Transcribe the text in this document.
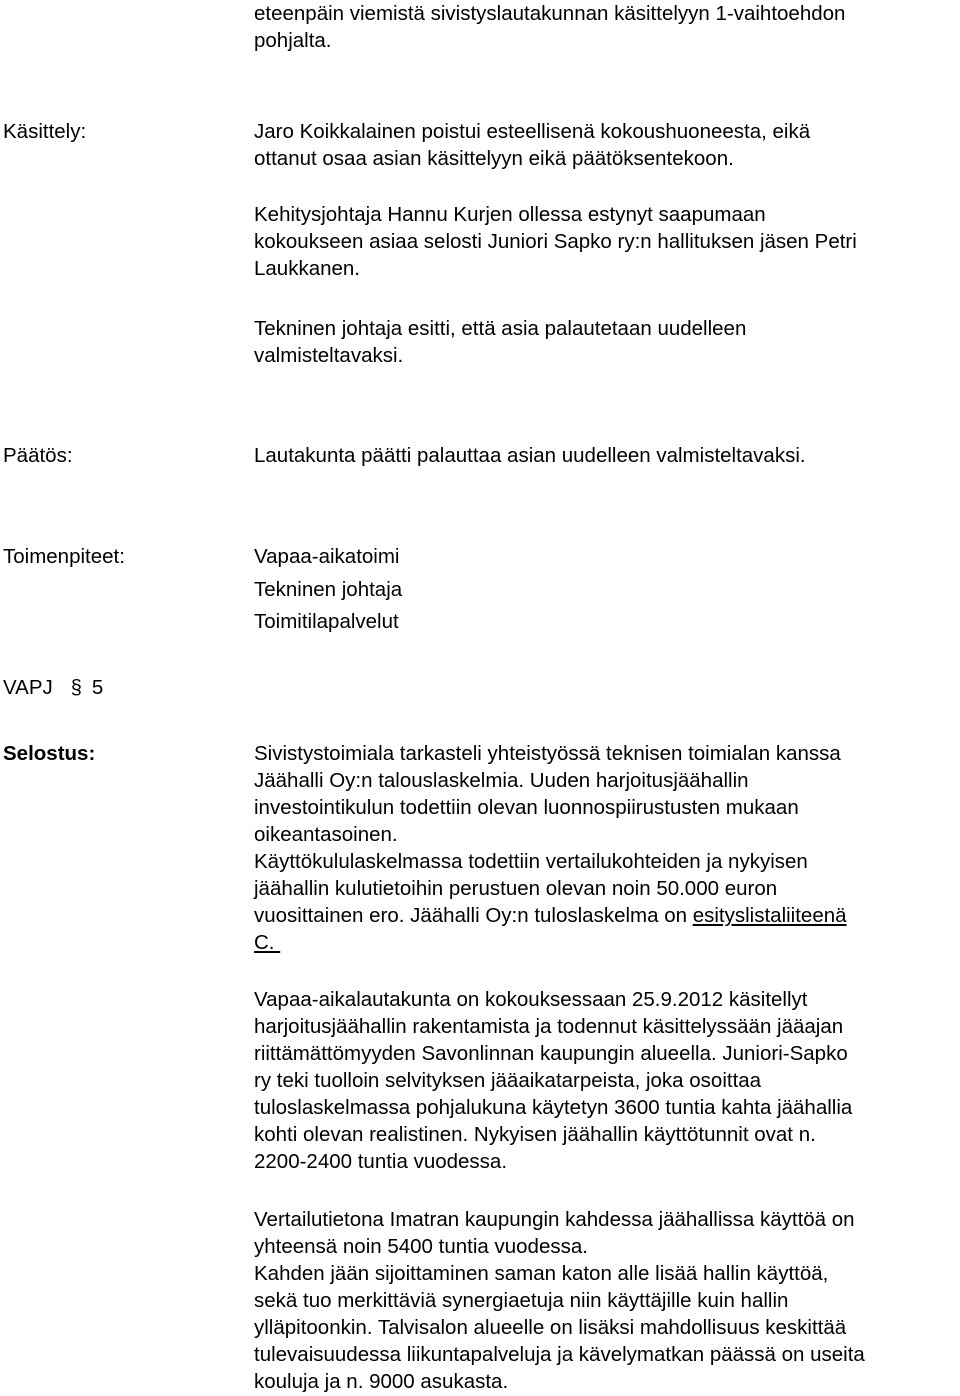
eteenpäin viemistä sivistyslautakunnan käsittelyyn 1-vaihtoehdon
pohjalta.
Käsittely:	Jaro Koikkalainen poistui esteellisenä kokoushuoneesta, eikä
ottanut osaa asian käsittelyyn eikä päätöksentekoon.
Kehitysjohtaja Hannu Kurjen ollessa estynyt saapumaan
kokoukseen asiaa selosti Juniori Sapko ry:n hallituksen jäsen Petri
Laukkanen.
Tekninen johtaja esitti, että asia palautetaan uudelleen
valmisteltavaksi.
Päätös:	Lautakunta päätti palauttaa asian uudelleen valmisteltavaksi.
Toimenpiteet:	Vapaa-aikatoimi
Tekninen johtaja
Toimitilapalvelut
VAPJ § 5
Selostus:	Sivistystoimiala tarkasteli yhteistyössä teknisen toimialan kanssa
Jäähalli Oy:n talouslaskelmia. Uuden harjoitusjäähallin
investointikulun todettiin olevan luonnospiirustusten mukaan
oikeantasoinen.
Käyttökululaskelmassa todettiin vertailukohteiden ja nykyisen
jäähallin kulutietoihin perustuen olevan noin 50.000 euron
vuosittainen ero. Jäähalli Oy:n tuloslaskelma on esityslistaliiteenä
C.
Vapaa-aikalautakunta on kokouksessaan 25.9.2012 käsitellyt
harjoitusjäähallin rakentamista ja todennut käsittelyssään jääajan
riittämättömyyden Savonlinnan kaupungin alueella. Juniori-Sapko
ry teki tuolloin selvityksen jääaikatarpeista, joka osoittaa
tuloslaskelmassa pohjalukuna käytetyn 3600 tuntia kahta jäähallia
kohti olevan realistinen. Nykyisen jäähallin käyttötunnit ovat n.
2200-2400 tuntia vuodessa.
Vertailutietona Imatran kaupungin kahdessa jäähallissa käyttöä on
yhteensä noin 5400 tuntia vuodessa.
Kahden jään sijoittaminen saman katon alle lisää hallin käyttöä,
sekä tuo merkittäviä synergiaetuja niin käyttäjille kuin hallin
ylläpitoonkin. Talvisalon alueelle on lisäksi mahdollisuus keskittää
tulevaisuudessa liikuntapalveluja ja kävelymatkan päässä on useita
kouluja ja n. 9000 asukasta.
